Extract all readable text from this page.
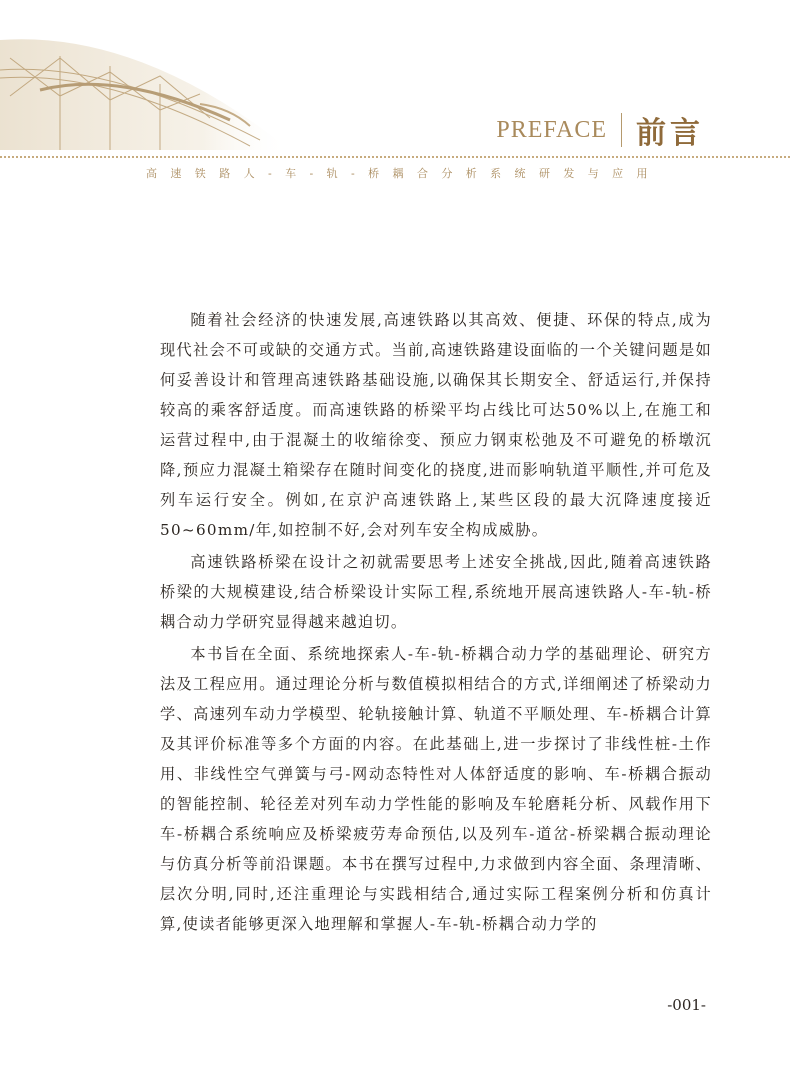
PREFACE 前言
高速铁路人-车-轨-桥耦合分析系统研发与应用

随着社会经济的快速发展,高速铁路以其高效、便捷、环保的特点,成为现代社会不可或缺的交通方式。当前,高速铁路建设面临的一个关键问题是如何妥善设计和管理高速铁路基础设施,以确保其长期安全、舒适运行,并保持较高的乘客舒适度。而高速铁路的桥梁平均占线比可达50%以上,在施工和运营过程中,由于混凝土的收缩徐变、预应力钢束松弛及不可避免的桥墩沉降,预应力混凝土箱梁存在随时间变化的挠度,进而影响轨道平顺性,并可危及列车运行安全。例如,在京沪高速铁路上,某些区段的最大沉降速度接近50~60mm/年,如控制不好,会对列车安全构成威胁。

高速铁路桥梁在设计之初就需要思考上述安全挑战,因此,随着高速铁路桥梁的大规模建设,结合桥梁设计实际工程,系统地开展高速铁路人-车-轨-桥耦合动力学研究显得越来越迫切。

本书旨在全面、系统地探索人-车-轨-桥耦合动力学的基础理论、研究方法及工程应用。通过理论分析与数值模拟相结合的方式,详细阐述了桥梁动力学、高速列车动力学模型、轮轨接触计算、轨道不平顺处理、车-桥耦合计算及其评价标准等多个方面的内容。在此基础上,进一步探讨了非线性桩-土作用、非线性空气弹簧与弓-网动态特性对人体舒适度的影响、车-桥耦合振动的智能控制、轮径差对列车动力学性能的影响及车轮磨耗分析、风载作用下车-桥耦合系统响应及桥梁疲劳寿命预估,以及列车-道岔-桥梁耦合振动理论与仿真分析等前沿课题。本书在撰写过程中,力求做到内容全面、条理清晰、层次分明,同时,还注重理论与实践相结合,通过实际工程案例分析和仿真计算,使读者能够更深入地理解和掌握人-车-轨-桥耦合动力学的

-001-
